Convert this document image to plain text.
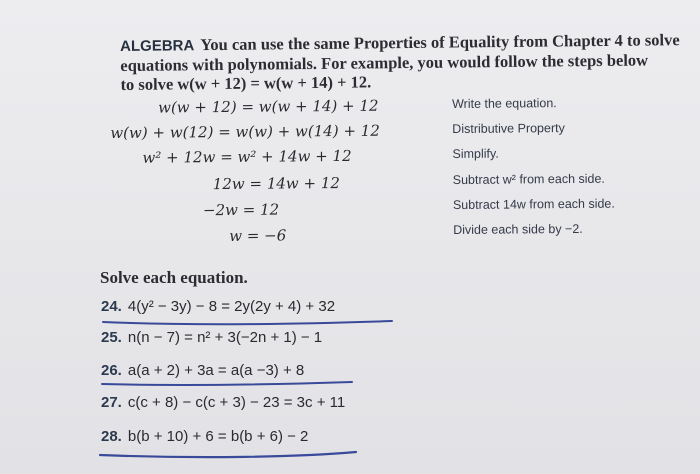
ALGEBRA You can use the same Properties of Equality from Chapter 4 to solve
equations with polynomials. For example, you would follow the steps below
to solve w(w + 12) = w(w + 14) + 12.
w(w + 12) = w(w + 14) + 12	Write the equation.
w(w) + w(12) = w(w) + w(14) + 12	Distributive Property
w² + 12w = w² + 14w + 12	Simplify.
12w = 14w + 12	Subtract w² from each side.
−2w = 12	Subtract 14w from each side.
w = −6	Divide each side by −2.
Solve each equation.
24. 4(y² − 3y) − 8 = 2y(2y + 4) + 32
25. n(n − 7) = n² + 3(−2n + 1) − 1
26. a(a + 2) + 3a = a(a −3) + 8
27. c(c + 8) − c(c + 3) − 23 = 3c + 11
28. b(b + 10) + 6 = b(b + 6) − 2
